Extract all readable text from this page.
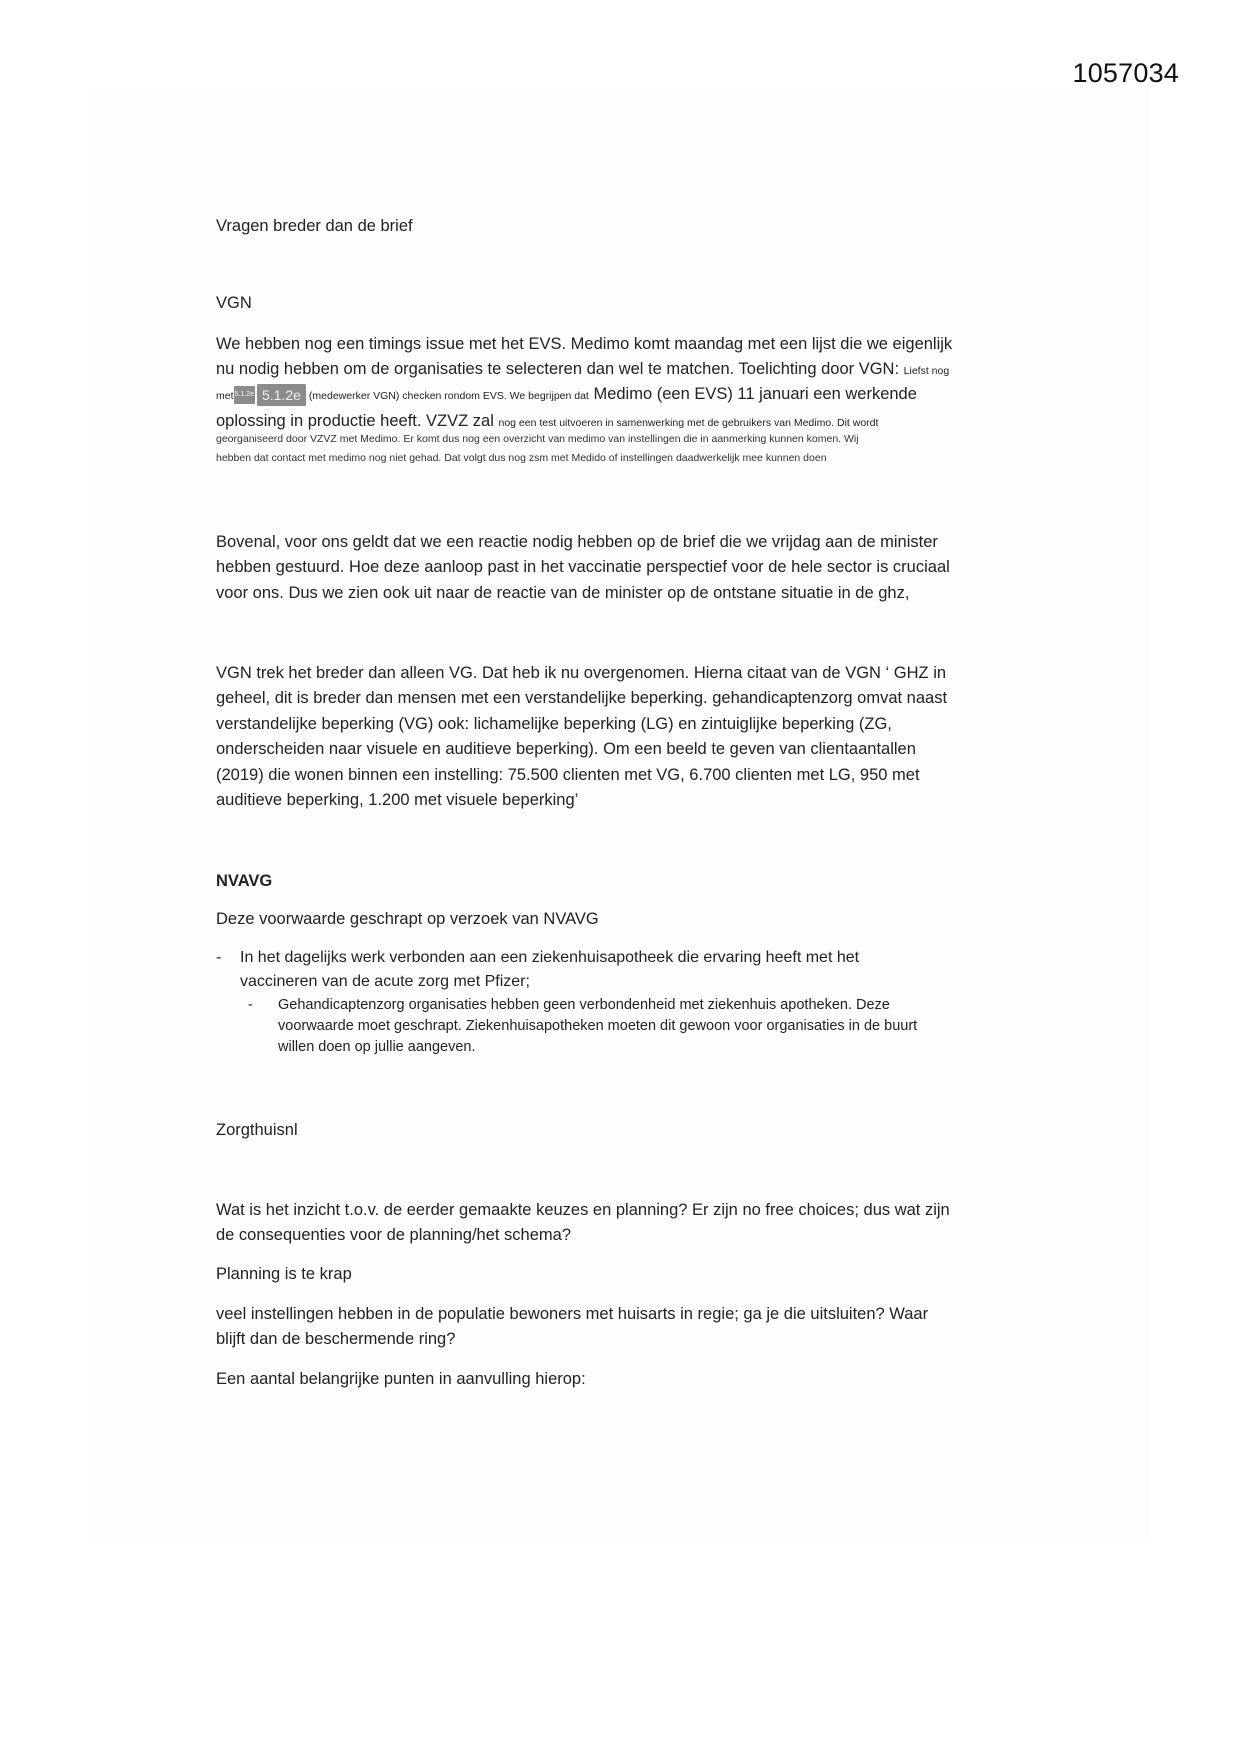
1057034
Vragen breder dan de brief
VGN
We hebben nog een timings issue met het EVS. Medimo komt maandag met een lijst die we eigenlijk
nu nodig hebben om de organisaties te selecteren dan wel te matchen. Toelichting door VGN: Liefst nog
met5.1.2e 5.1.2e (medewerker VGN) checken rondom EVS. We begrijpen dat Medimo (een EVS) 11 januari een werkende
oplossing in productie heeft. VZVZ zal nog een test uitvoeren in samenwerking met de gebruikers van Medimo. Dit wordt
georganiseerd door VZVZ met Medimo. Er komt dus nog een overzicht van medimo van instellingen die in aanmerking kunnen komen. Wij
hebben dat contact met medimo nog niet gehad. Dat volgt dus nog zsm met Medido of instellingen daadwerkelijk mee kunnen doen
Bovenal, voor ons geldt dat we een reactie nodig hebben op de brief die we vrijdag aan de minister
hebben gestuurd. Hoe deze aanloop past in het vaccinatie perspectief voor de hele sector is cruciaal
voor ons. Dus we zien ook uit naar de reactie van de minister op de ontstane situatie in de ghz,
VGN trek het breder dan alleen VG. Dat heb ik nu overgenomen. Hierna citaat van de VGN ‘ GHZ in
geheel, dit is breder dan mensen met een verstandelijke beperking. gehandicaptenzorg omvat naast
verstandelijke beperking (VG) ook: lichamelijke beperking (LG) en zintuiglijke beperking (ZG,
onderscheiden naar visuele en auditieve beperking). Om een beeld te geven van clientaantallen
(2019) die wonen binnen een instelling: 75.500 clienten met VG, 6.700 clienten met LG, 950 met
auditieve beperking, 1.200 met visuele beperking’
NVAVG
Deze voorwaarde geschrapt op verzoek van NVAVG
- In het dagelijks werk verbonden aan een ziekenhuisapotheek die ervaring heeft met het
vaccineren van de acute zorg met Pfizer;
- Gehandicaptenzorg organisaties hebben geen verbondenheid met ziekenhuis apotheken. Deze
voorwaarde moet geschrapt. Ziekenhuisapotheken moeten dit gewoon voor organisaties in de buurt
willen doen op jullie aangeven.
Zorgthuisnl
Wat is het inzicht t.o.v. de eerder gemaakte keuzes en planning? Er zijn no free choices; dus wat zijn
de consequenties voor de planning/het schema?
Planning is te krap
veel instellingen hebben in de populatie bewoners met huisarts in regie; ga je die uitsluiten? Waar
blijft dan de beschermende ring?
Een aantal belangrijke punten in aanvulling hierop:
